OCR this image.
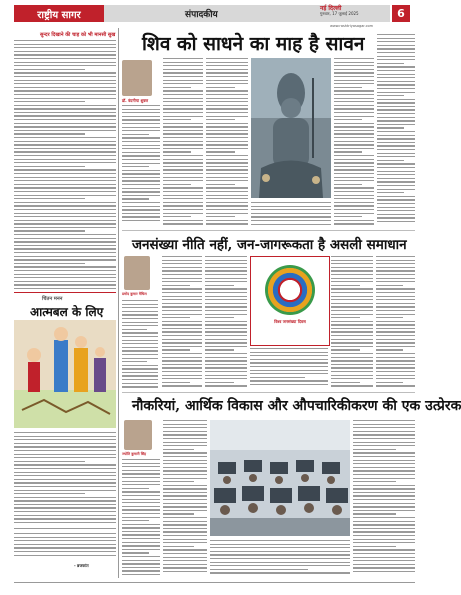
राष्ट्रीय सागर	संपादकीय
नई दिल्ली
गुरुवार, 17 जुलाई 2025	6
www.rashtriyasagar.com
सुन्दर दिखाने की चाह को भी मानसी सुख
चिंतन मनन
आत्मबल के लिए
- ब्रजकांत
शिव को साधने का माह है सावन
डॉ. वंदनीया शुक्ल
जनसंख्या नीति नहीं, जन-जागरूकता है असली समाधान
प्रमोद कुमार मैथिल
विश्व जनसंख्या दिवस
नौकरियां, आर्थिक विकास और औपचारिकीकरण की एक उत्प्रेरक
ज्योति कुमारी सिंह
